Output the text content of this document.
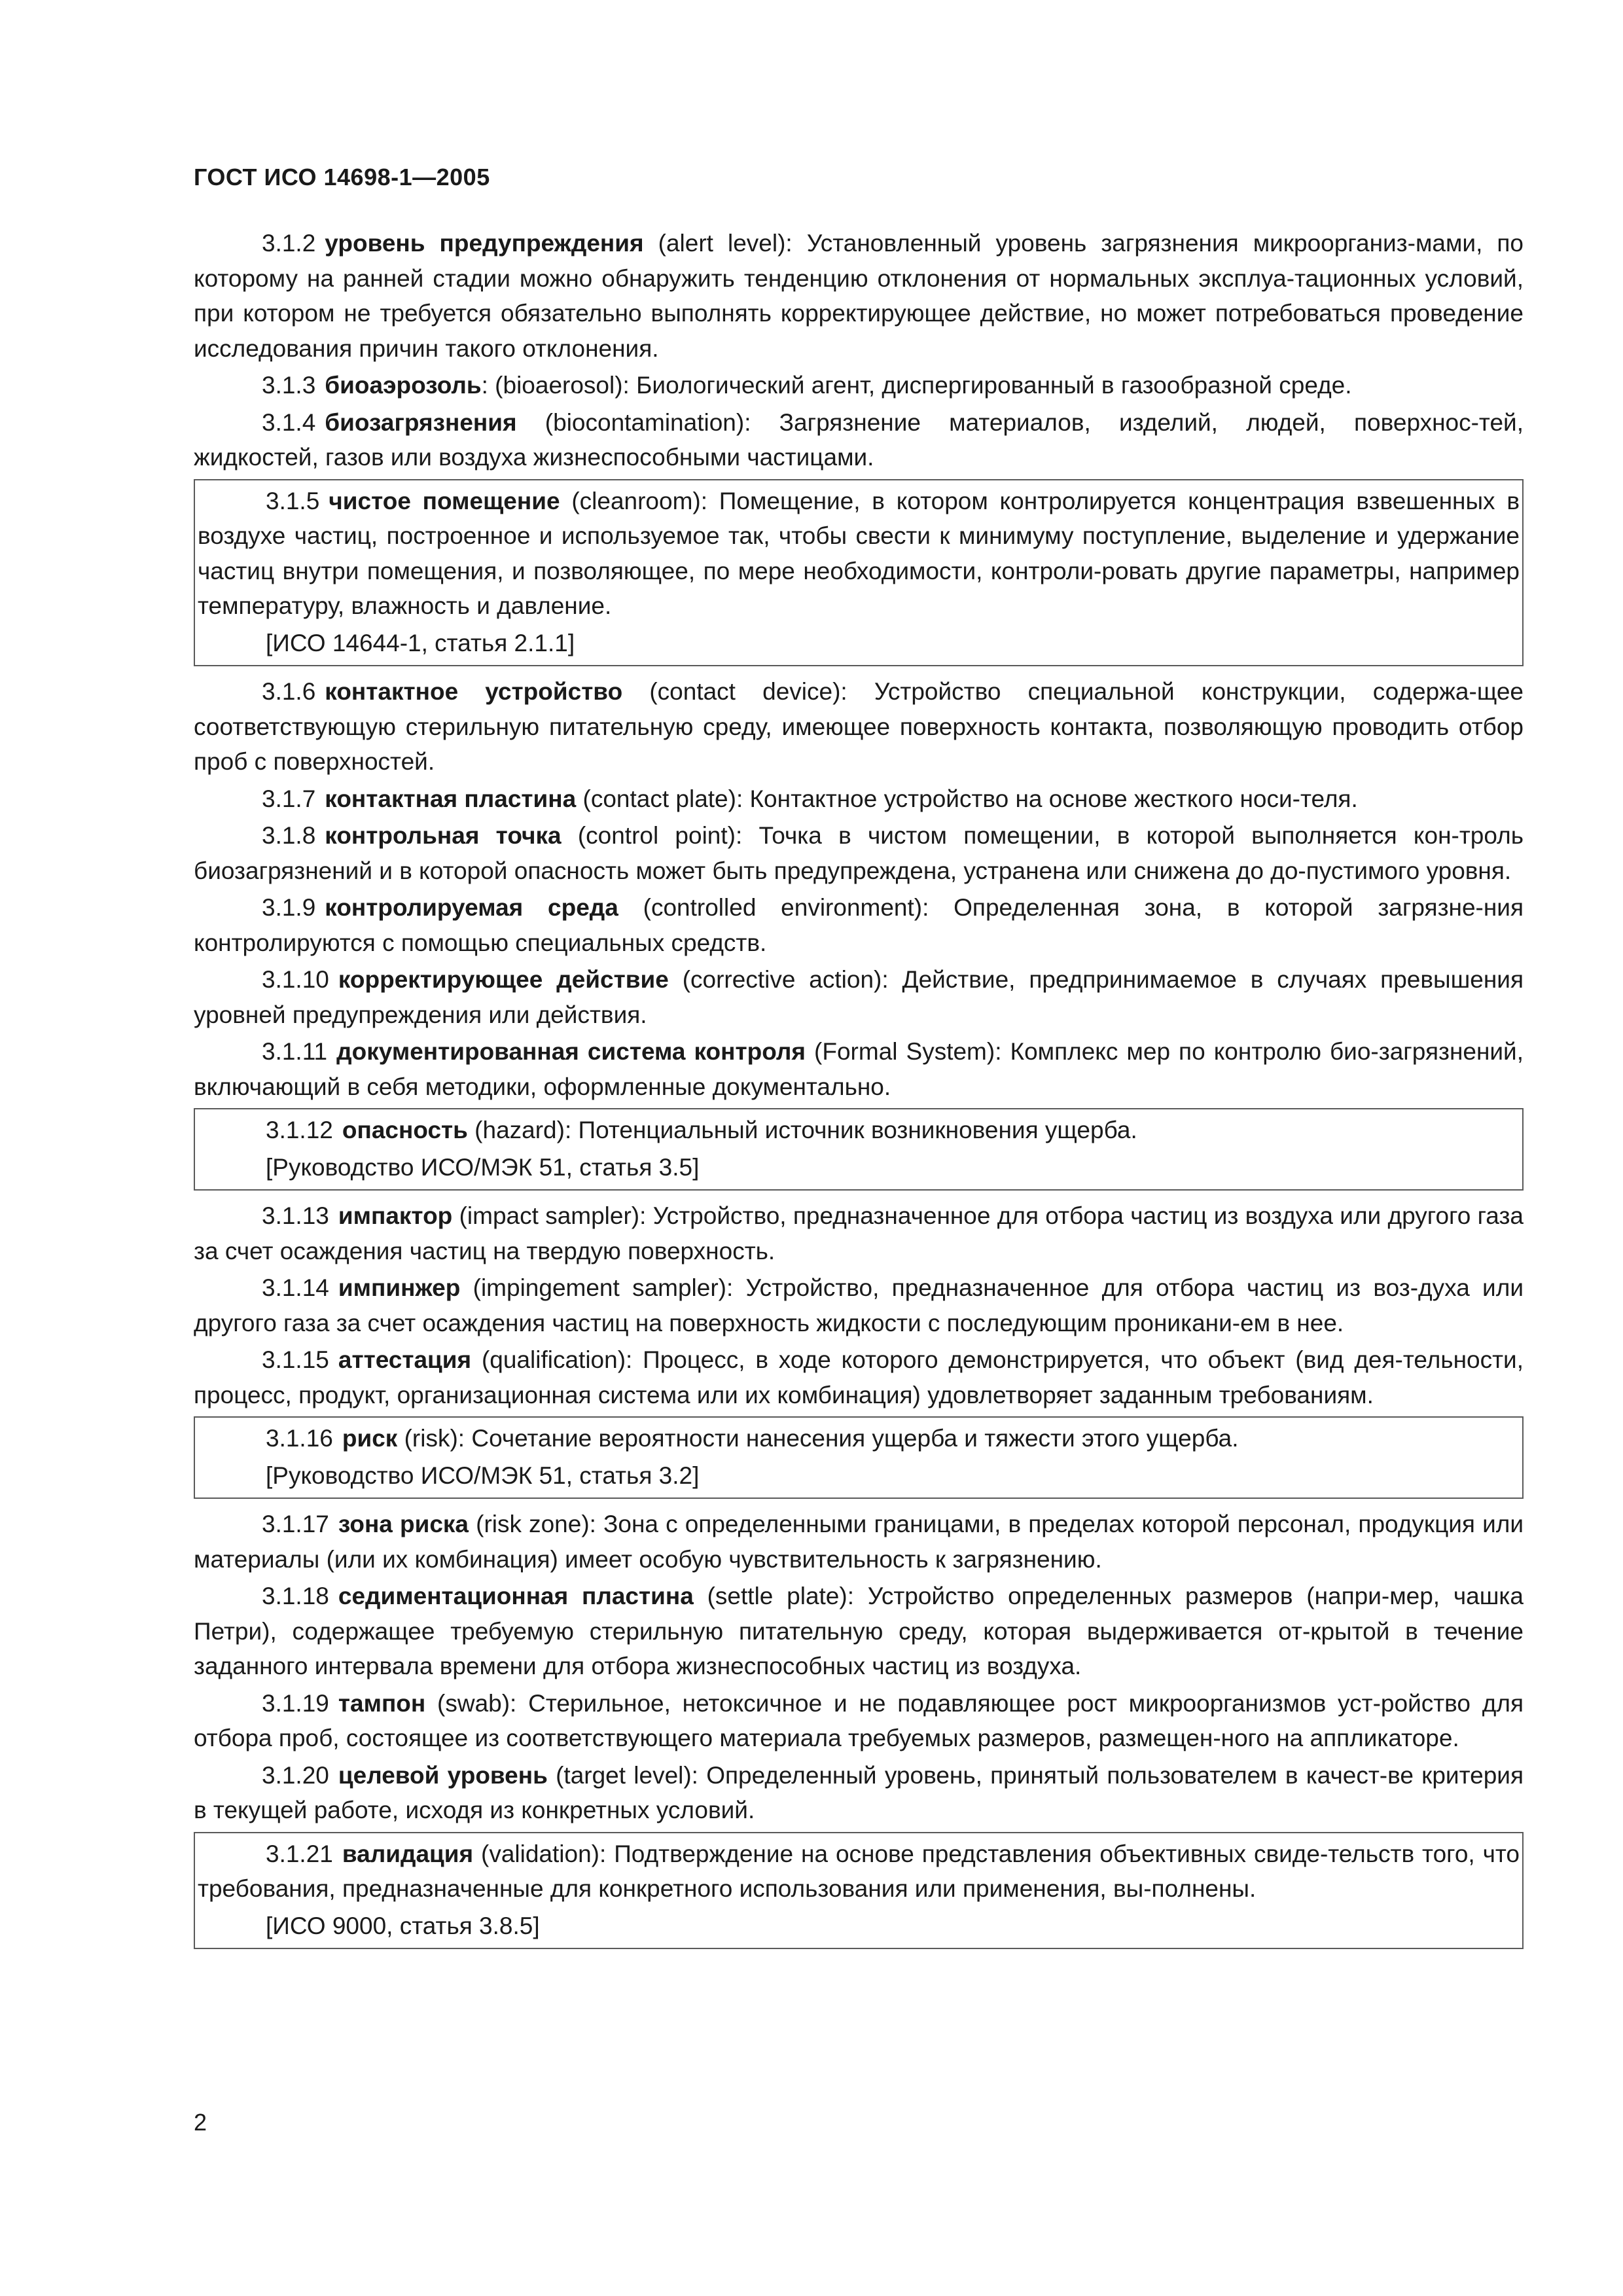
ГОСТ ИСО 14698-1—2005

3.1.2 уровень предупреждения (alert level): Установленный уровень загрязнения микроорганиз-мами, по которому на ранней стадии можно обнаружить тенденцию отклонения от нормальных эксплуа-тационных условий, при котором не требуется обязательно выполнять корректирующее действие, но может потребоваться проведение исследования причин такого отклонения.

3.1.3 биоаэрозоль: (bioaerosol): Биологический агент, диспергированный в газообразной среде.

3.1.4 биозагрязнения (biocontamination): Загрязнение материалов, изделий, людей, поверхнос-тей, жидкостей, газов или воздуха жизнеспособными частицами.

3.1.5 чистое помещение (cleanroom): Помещение, в котором контролируется концентрация взвешенных в воздухе частиц, построенное и используемое так, чтобы свести к минимуму поступление, выделение и удержание частиц внутри помещения, и позволяющее, по мере необходимости, контроли-ровать другие параметры, например температуру, влажность и давление.

[ИСО 14644-1, статья 2.1.1]

3.1.6 контактное устройство (contact device): Устройство специальной конструкции, содержа-щее соответствующую стерильную питательную среду, имеющее поверхность контакта, позволяющую проводить отбор проб с поверхностей.

3.1.7 контактная пластина (contact plate): Контактное устройство на основе жесткого носи-теля.

3.1.8 контрольная точка (control point): Точка в чистом помещении, в которой выполняется кон-троль биозагрязнений и в которой опасность может быть предупреждена, устранена или снижена до до-пустимого уровня.

3.1.9 контролируемая среда (controlled environment): Определенная зона, в которой загрязне-ния контролируются с помощью специальных средств.

3.1.10 корректирующее действие (corrective action): Действие, предпринимаемое в случаях превышения уровней предупреждения или действия.

3.1.11 документированная система контроля (Formal System): Комплекс мер по контролю био-загрязнений, включающий в себя методики, оформленные документально.

3.1.12 опасность (hazard): Потенциальный источник возникновения ущерба.

[Руководство ИСО/МЭК 51, статья 3.5]

3.1.13 импактор (impact sampler): Устройство, предназначенное для отбора частиц из воздуха или другого газа за счет осаждения частиц на твердую поверхность.

3.1.14 импинжер (impingement sampler): Устройство, предназначенное для отбора частиц из воз-духа или другого газа за счет осаждения частиц на поверхность жидкости с последующим проникани-ем в нее.

3.1.15 аттестация (qualification): Процесс, в ходе которого демонстрируется, что объект (вид дея-тельности, процесс, продукт, организационная система или их комбинация) удовлетворяет заданным требованиям.

3.1.16 риск (risk): Сочетание вероятности нанесения ущерба и тяжести этого ущерба.

[Руководство ИСО/МЭК 51, статья 3.2]

3.1.17 зона риска (risk zone): Зона с определенными границами, в пределах которой персонал, продукция или материалы (или их комбинация) имеет особую чувствительность к загрязнению.

3.1.18 седиментационная пластина (settle plate): Устройство определенных размеров (напри-мер, чашка Петри), содержащее требуемую стерильную питательную среду, которая выдерживается от-крытой в течение заданного интервала времени для отбора жизнеспособных частиц из воздуха.

3.1.19 тампон (swab): Стерильное, нетоксичное и не подавляющее рост микроорганизмов уст-ройство для отбора проб, состоящее из соответствующего материала требуемых размеров, размещен-ного на аппликаторе.

3.1.20 целевой уровень (target level): Определенный уровень, принятый пользователем в качест-ве критерия в текущей работе, исходя из конкретных условий.

3.1.21 валидация (validation): Подтверждение на основе представления объективных свиде-тельств того, что требования, предназначенные для конкретного использования или применения, вы-полнены.

[ИСО 9000, статья 3.8.5]

2
